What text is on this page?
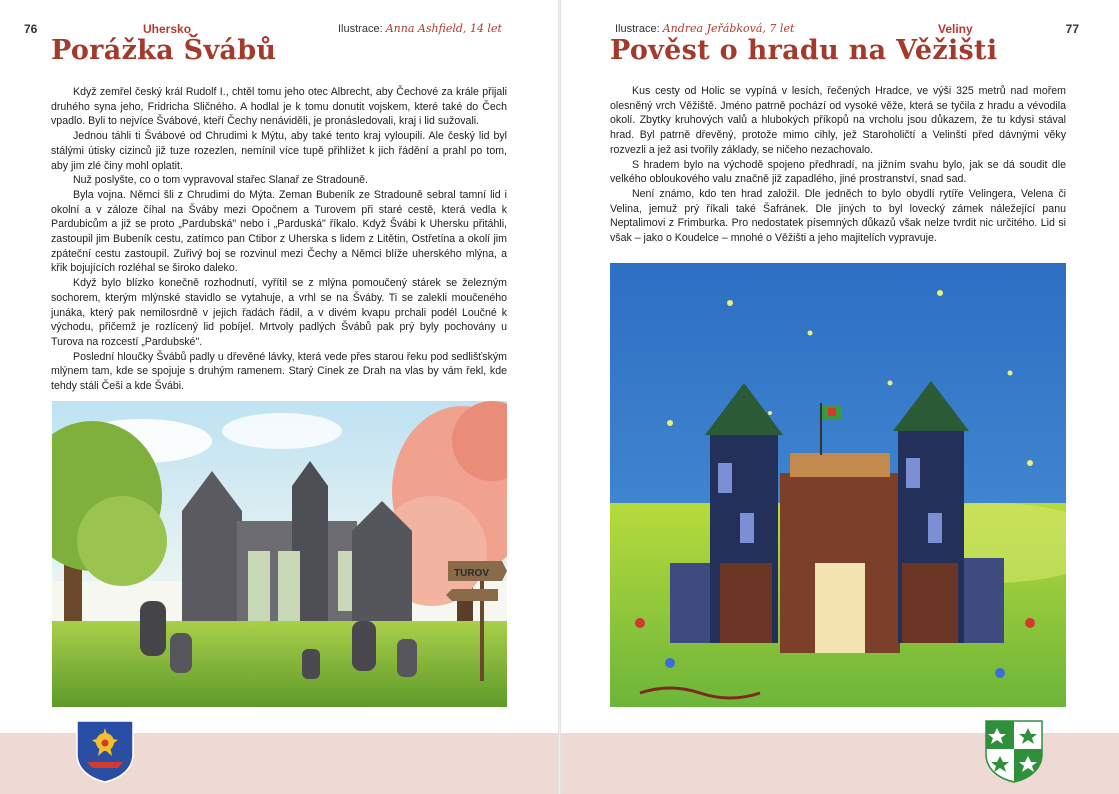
Porážka Švábů

Když zemřel český král Rudolf I., chtěl tomu jeho otec Albrecht, aby Čechové za krále přijali druhého syna jeho, Fridricha Sličného. A hodlal je k tomu donutit vojskem, které také do Čech vpadlo. Byli to nejvíce Švábové, kteří Čechy nenáviděli, je pronásledovali, kraj i lid sužovali.

Jednou táhli ti Švábové od Chrudimi k Mýtu, aby také tento kraj vyloupili. Ale český lid byl stálými útisky cizinců již tuze rozezlen, nemínil více tupě přihlížet k jich řádění a prahl po tom, aby jim zlé činy mohl oplatit.

Nuž poslyšte, co o tom vypravoval stařec Slanař ze Stradouně.

Byla vojna. Němci šli z Chrudimi do Mýta. Zeman Bubeník ze Stradouně sebral tamní lid i okolní a v záloze číhal na Šváby mezi Opočnem a Turovem při staré cestě, která vedla k Pardubicům a již se proto „Pardubská" nebo i „Parduská" říkalo. Když Švábi k Uhersku přitáhli, zastoupil jim Bubeník cestu, zatímco pan Ctibor z Uherska s lidem z Litětin, Ostřetína a okolí jim zpáteční cestu zastoupil. Zuřivý boj se rozvinul mezi Čechy a Němci blíže uherského mlýna, a křik bojujících rozléhal se široko daleko.

Když bylo blízko konečně rozhodnutí, vyřítil se z mlýna pomoučený stárek se železným sochorem, kterým mlýnské stavidlo se vytahuje, a vrhl se na Šváby. Ti se zalekli moučeného junáka, který pak nemilosrdně v jejich řadách řádil, a v divém kvapu prchali podél Loučné k východu, přičemž je rozlícený lid pobíjel. Mrtvoly padlých Švábů pak prý byly pochovány u Turova na rozcestí „Pardubské".

Poslední hloučky Švábů padly u dřevěné lávky, která vede přes starou řeku pod sedlišťským mlýnem tam, kde se spojuje s druhým ramenem. Starý Cinek ze Drah na vlas by vám řekl, kde tehdy stáli Češi a kde Švábi.

TUROV
76	Uhersko	Ilustrace: Anna Ashfield, 14 let
Pověst o hradu na Věžišti

Kus cesty od Holic se vypíná v lesích, řečených Hradce, ve výši 325 metrů nad mořem olesněný vrch Věžiště. Jméno patrně pochází od vysoké věže, která se tyčila z hradu a vévodila okolí. Zbytky kruhových valů a hlubokých příkopů na vrcholu jsou důkazem, že tu kdysi stával hrad. Byl patrně dřevěný, protože mimo cihly, jež Staroholičtí a Velinští před dávnými věky rozvezli a jež asi tvořily základy, se ničeho nezachovalo.

S hradem bylo na východě spojeno předhradí, na jižním svahu bylo, jak se dá soudit dle velkého obloukového valu značně již zapadlého, jiné prostranství, snad sad.

Není známo, kdo ten hrad založil. Dle jedněch to bylo obydlí rytíře Velingera, Velena či Velina, jemuž prý říkali také Šafránek. Dle jiných to byl lovecký zámek náležející panu Neptalimovi z Frimburka. Pro nedostatek písemných důkazů však nelze tvrdit nic určitého. Lid si však – jako o Koudelce – mnohé o Věžišti a jeho majitelích vypravuje.

Ilustrace: Andrea Jeřábková, 7 let	Veliny	77
